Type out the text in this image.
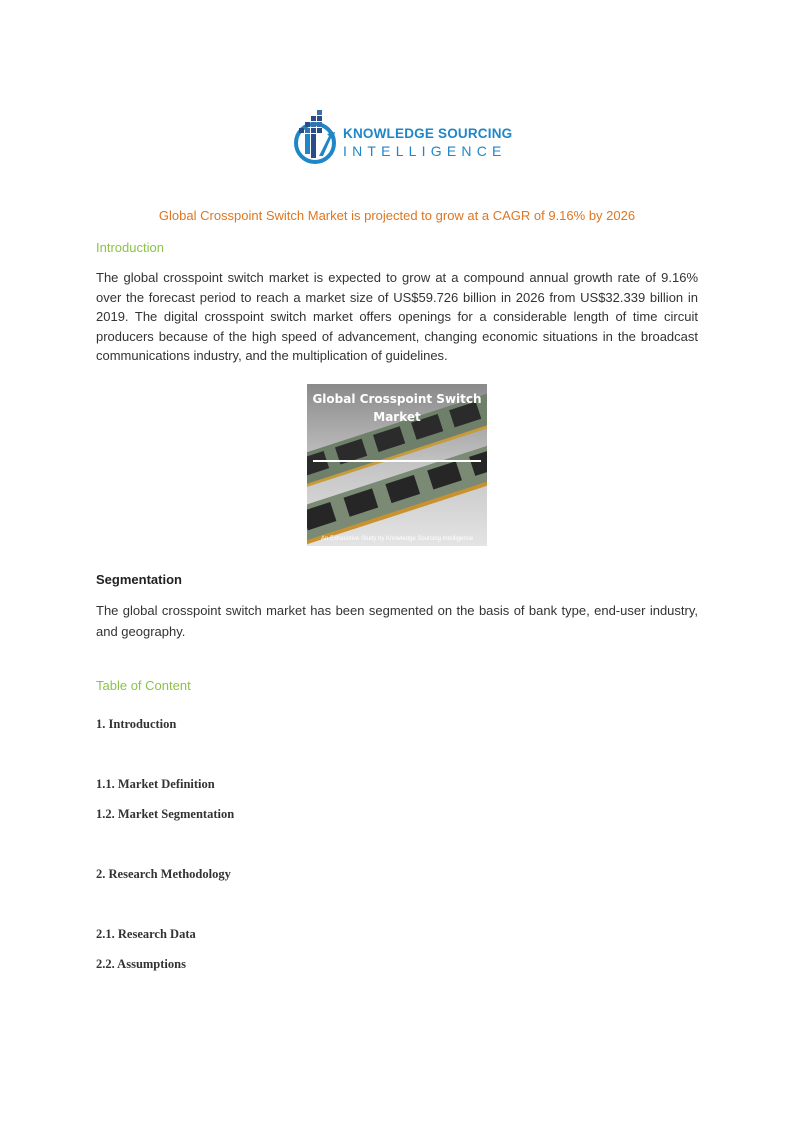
KNOWLEDGE SOURCING
INTELLIGENCE
Global Crosspoint Switch Market is projected to grow at a CAGR of 9.16% by 2026
Introduction
The global crosspoint switch market is expected to grow at a compound annual growth rate of 9.16% over the forecast period to reach a market size of US$59.726 billion in 2026 from US$32.339 billion in 2019. The digital crosspoint switch market offers openings for a considerable length of time circuit producers because of the high speed of advancement, changing economic situations in the broadcast communications industry, and the multiplication of guidelines.
Global Crosspoint Switch Market
An Exhaustive Study by Knowledge Sourcing Intelligence
Segmentation
The global crosspoint switch market has been segmented on the basis of bank type, end-user industry, and geography.
Table of Content
1. Introduction
1.1. Market Definition
1.2. Market Segmentation
2. Research Methodology
2.1. Research Data
2.2. Assumptions
